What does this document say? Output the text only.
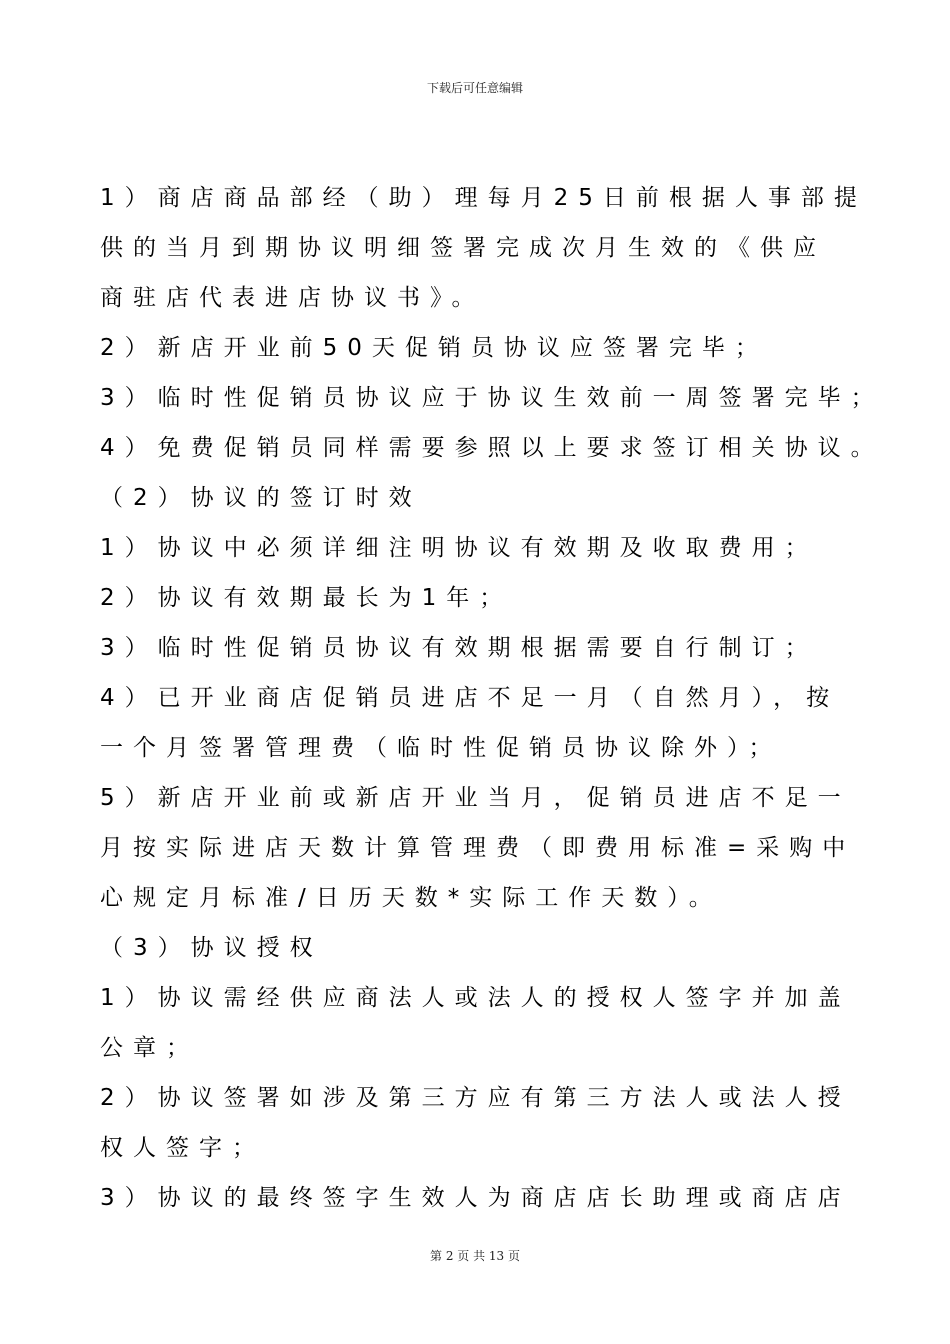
下载后可任意编辑
1）商店商品部经（助）理每月25日前根据人事部提
供的当月到期协议明细签署完成次月生效的《供应
商驻店代表进店协议书》。
2）新店开业前50天促销员协议应签署完毕；
3）临时性促销员协议应于协议生效前一周签署完毕；
4）免费促销员同样需要参照以上要求签订相关协议。
（2）协议的签订时效
1）协议中必须详细注明协议有效期及收取费用；
2）协议有效期最长为1年；
3）临时性促销员协议有效期根据需要自行制订；
4）已开业商店促销员进店不足一月（自然月），按
一个月签署管理费（临时性促销员协议除外）；
5）新店开业前或新店开业当月，促销员进店不足一
月按实际进店天数计算管理费（即费用标准=采购中
心规定月标准/日历天数*实际工作天数）。
（3）协议授权
1）协议需经供应商法人或法人的授权人签字并加盖
公章；
2）协议签署如涉及第三方应有第三方法人或法人授
权人签字；
3）协议的最终签字生效人为商店店长助理或商店店
第 2 页 共 13 页
